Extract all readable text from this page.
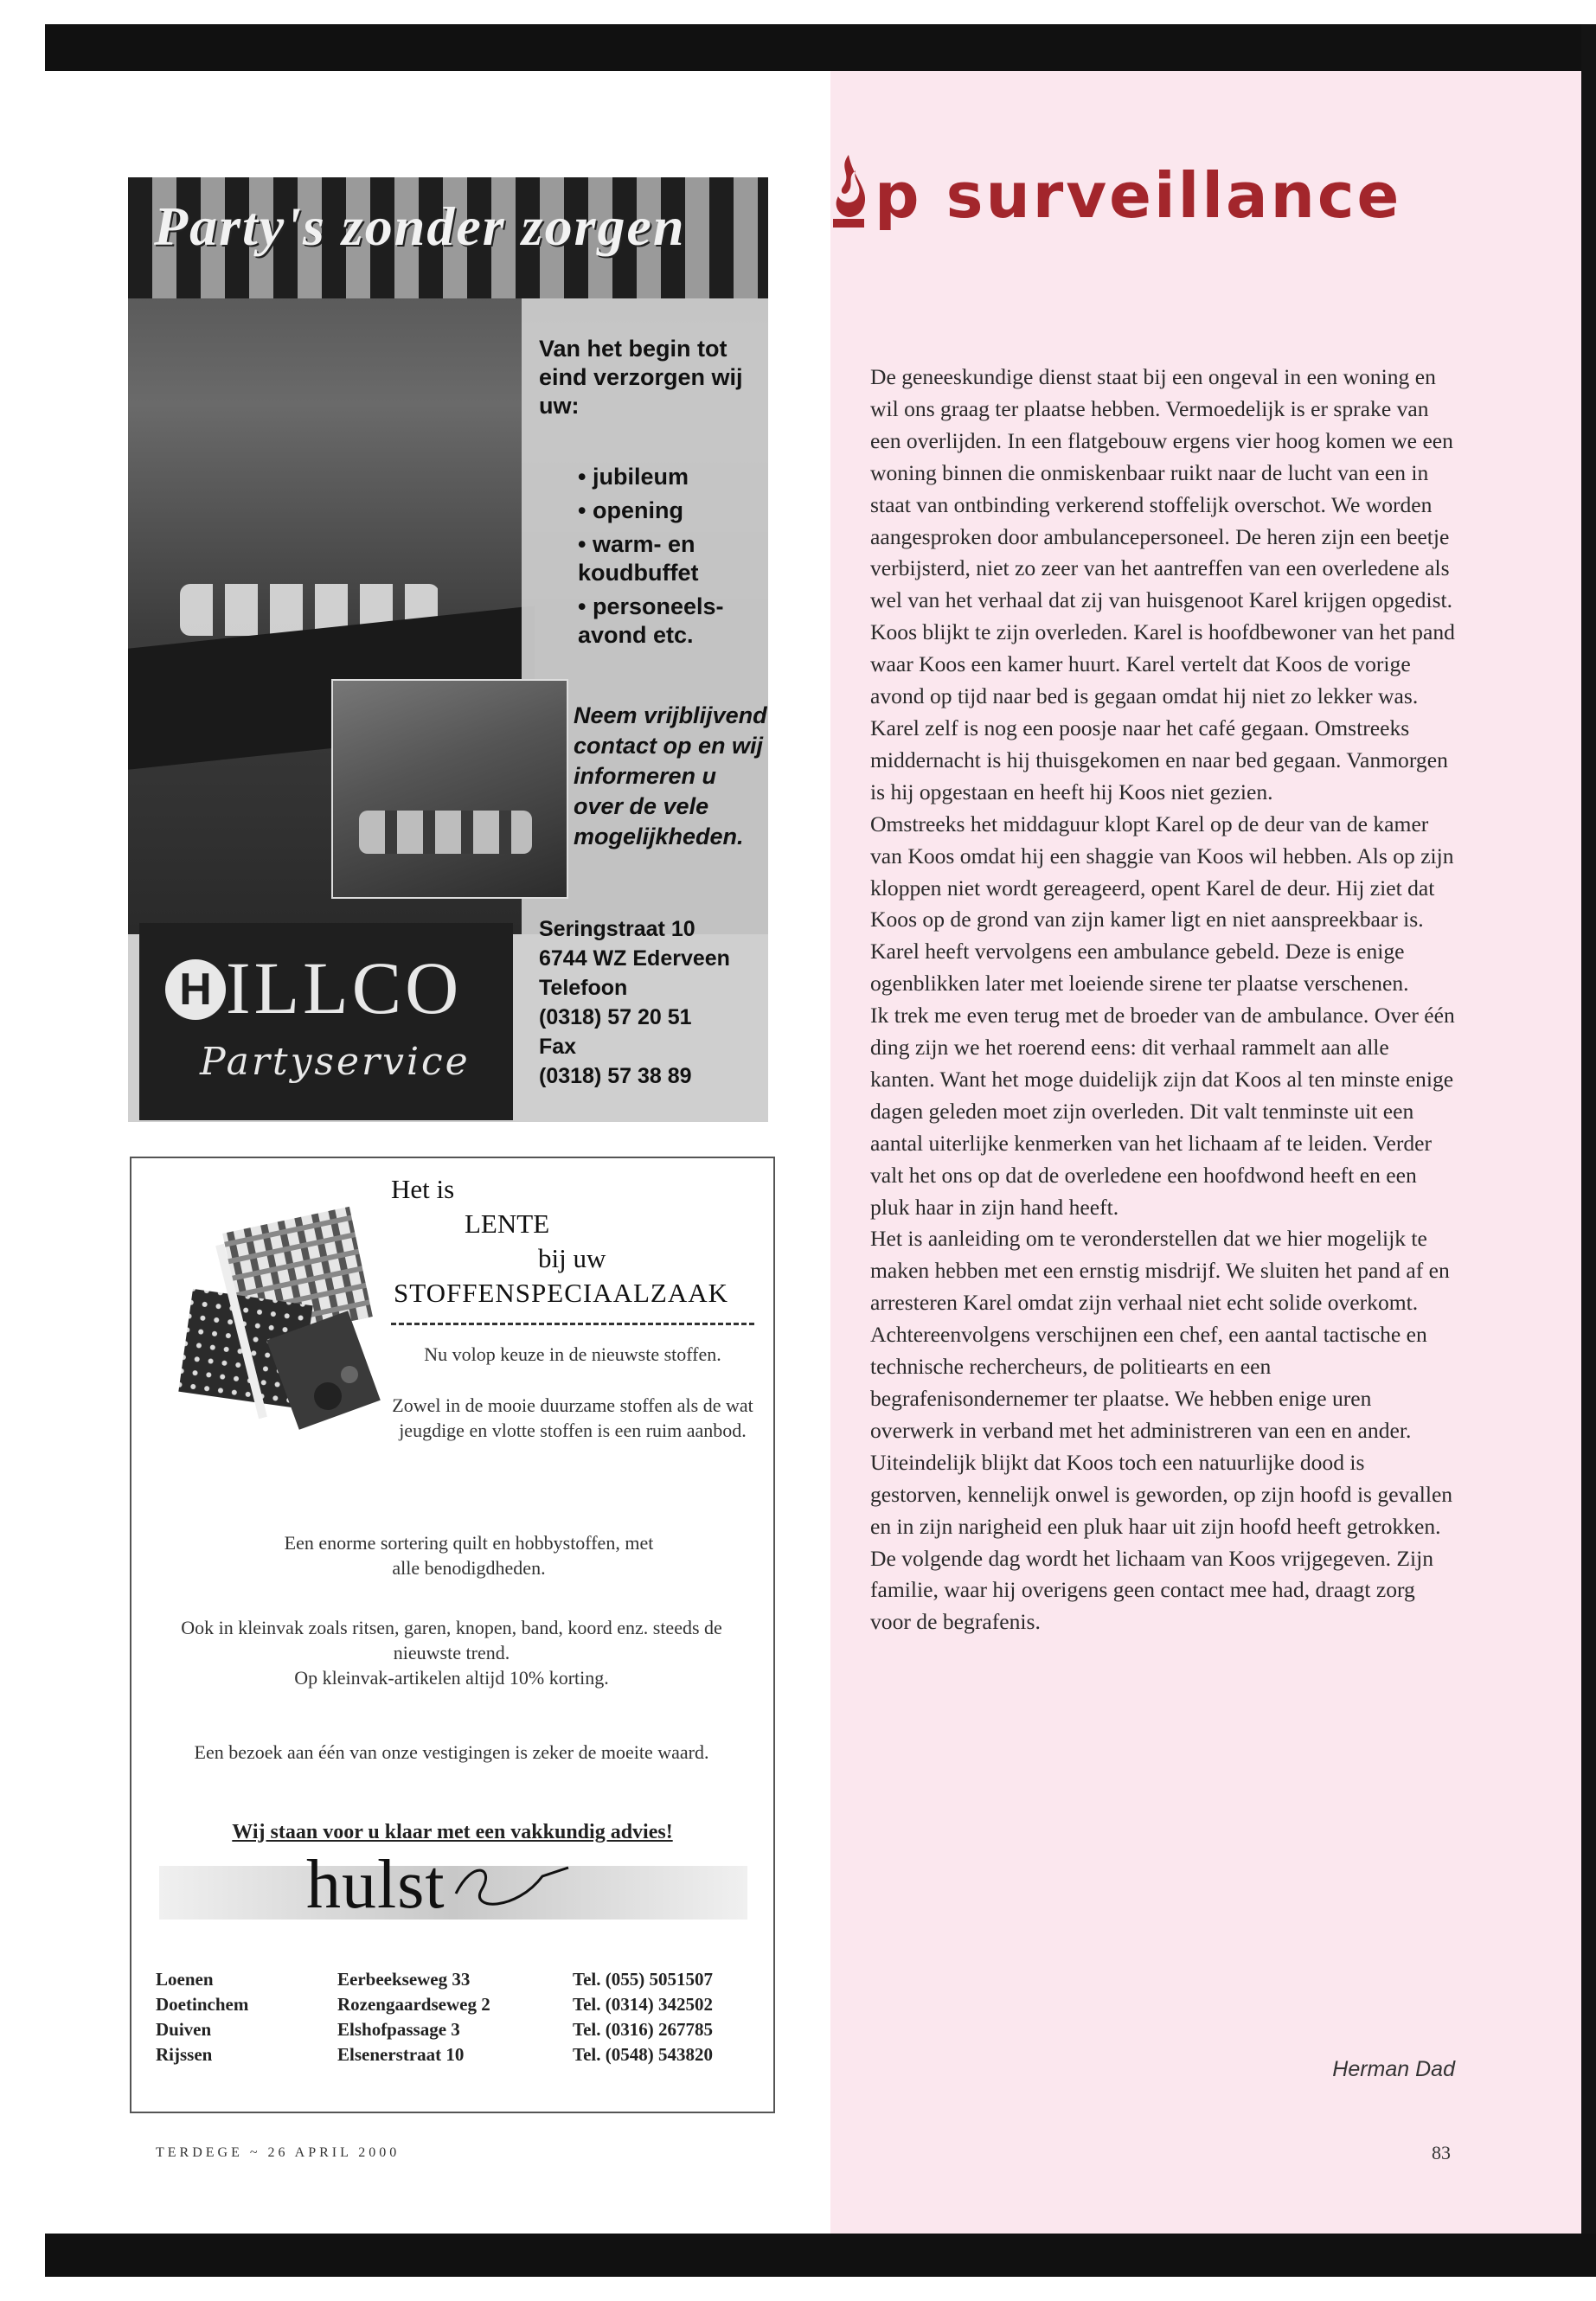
Party's zonder zorgen
Van het begin tot eind verzorgen wij uw:
• jubileum
• opening
• warm- en koudbuffet
• personeels-avond etc.
Neem vrijblijvend contact op en wij informeren u over de vele mogelijkheden.
H ILLCO
Partyservice
Seringstraat 10
6744 WZ Ederveen
Telefoon
(0318) 57 20 51
Fax
(0318) 57 38 89
Het is
LENTE
bij uw
STOFFENSPECIAALZAAK
Nu volop keuze in de nieuwste stoffen.
Zowel in de mooie duurzame stoffen als de wat jeugdige en vlotte stoffen is een ruim aanbod.
Een enorme sortering quilt en hobbystoffen, met alle benodigdheden.
Ook in kleinvak zoals ritsen, garen, knopen, band, koord enz. steeds de nieuwste trend.
Op kleinvak-artikelen altijd 10% korting.
Een bezoek aan één van onze vestigingen is zeker de moeite waard.
Wij staan voor u klaar met een vakkundig advies!
hulst
Loenen
Doetinchem
Duiven
Rijssen
Eerbeekseweg 33
Rozengaardseweg 2
Elshofpassage 3
Elsenerstraat 10
Tel. (055) 5051507
Tel. (0314) 342502
Tel. (0316) 267785
Tel. (0548) 543820
TERDEGE ~ 26 APRIL 2000	83
p surveillance

De geneeskundige dienst staat bij een ongeval in een woning en wil ons graag ter plaatse hebben. Vermoedelijk is er sprake van een overlijden. In een flatgebouw ergens vier hoog komen we een woning binnen die onmiskenbaar ruikt naar de lucht van een in staat van ontbinding verkerend stoffelijk overschot. We worden aangesproken door ambulancepersoneel. De heren zijn een beetje verbijsterd, niet zo zeer van het aantreffen van een overledene als wel van het verhaal dat zij van huisgenoot Karel krijgen opgedist.

Koos blijkt te zijn overleden. Karel is hoofdbewoner van het pand waar Koos een kamer huurt. Karel vertelt dat Koos de vorige avond op tijd naar bed is gegaan omdat hij niet zo lekker was. Karel zelf is nog een poosje naar het café gegaan. Omstreeks middernacht is hij thuisgekomen en naar bed gegaan. Vanmorgen is hij opgestaan en heeft hij Koos niet gezien.

Omstreeks het middaguur klopt Karel op de deur van de kamer van Koos omdat hij een shaggie van Koos wil hebben. Als op zijn kloppen niet wordt gereageerd, opent Karel de deur. Hij ziet dat Koos op de grond van zijn kamer ligt en niet aanspreekbaar is. Karel heeft vervolgens een ambulance gebeld. Deze is enige ogenblikken later met loeiende sirene ter plaatse verschenen.

Ik trek me even terug met de broeder van de ambulance. Over één ding zijn we het roerend eens: dit verhaal rammelt aan alle kanten. Want het moge duidelijk zijn dat Koos al ten minste enige dagen geleden moet zijn overleden. Dit valt tenminste uit een aantal uiterlijke kenmerken van het lichaam af te leiden. Verder valt het ons op dat de overledene een hoofdwond heeft en een pluk haar in zijn hand heeft.

Het is aanleiding om te veronderstellen dat we hier mogelijk te maken hebben met een ernstig misdrijf. We sluiten het pand af en arresteren Karel omdat zijn verhaal niet echt solide overkomt. Achtereenvolgens verschijnen een chef, een aantal tactische en technische rechercheurs, de politiearts en een begrafenisondernemer ter plaatse. We hebben enige uren overwerk in verband met het administreren van een en ander.

Uiteindelijk blijkt dat Koos toch een natuurlijke dood is gestorven, kennelijk onwel is geworden, op zijn hoofd is gevallen en in zijn narigheid een pluk haar uit zijn hoofd heeft getrokken.

De volgende dag wordt het lichaam van Koos vrijgegeven. Zijn familie, waar hij overigens geen contact mee had, draagt zorg voor de begrafenis.

Herman Dad
